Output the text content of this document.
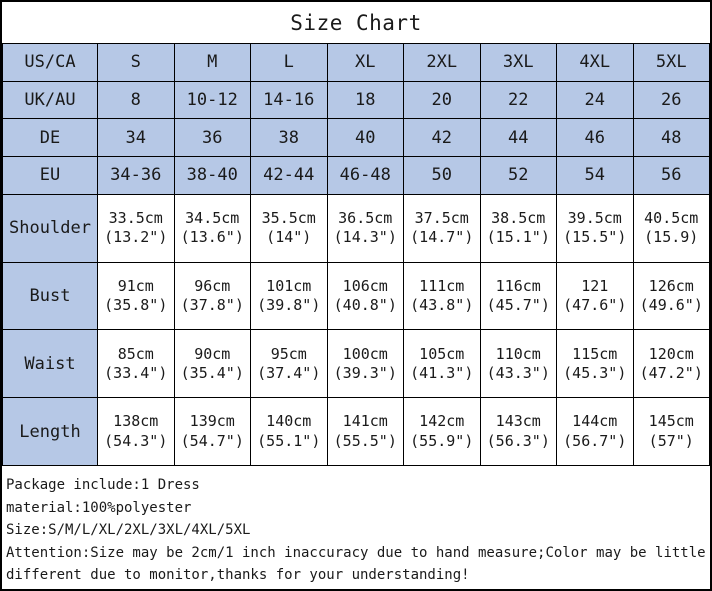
Size Chart
US/CA	S	M	L	XL	2XL	3XL	4XL	5XL
UK/AU	8	10-12	14-16	18	20	22	24	26
DE	34	36	38	40	42	44	46	48
EU	34-36	38-40	42-44	46-48	50	52	54	56
Shoulder	33.5cm (13.2")	34.5cm (13.6")	35.5cm (14")	36.5cm (14.3")	37.5cm (14.7")	38.5cm (15.1")	39.5cm (15.5")	40.5cm (15.9)
Bust	91cm (35.8")	96cm (37.8")	101cm (39.8")	106cm (40.8")	111cm (43.8")	116cm (45.7")	121 (47.6")	126cm (49.6")
Waist	85cm (33.4")	90cm (35.4")	95cm (37.4")	100cm (39.3")	105cm (41.3")	110cm (43.3")	115cm (45.3")	120cm (47.2")
Length	138cm (54.3")	139cm (54.7")	140cm (55.1")	141cm (55.5")	142cm (55.9")	143cm (56.3")	144cm (56.7")	145cm (57")
Package include:1 Dress
material:100%polyester
Size:S/M/L/XL/2XL/3XL/4XL/5XL
Attention:Size may be 2cm/1 inch inaccuracy due to hand measure;Color may be little
different due to monitor,thanks for your understanding!
